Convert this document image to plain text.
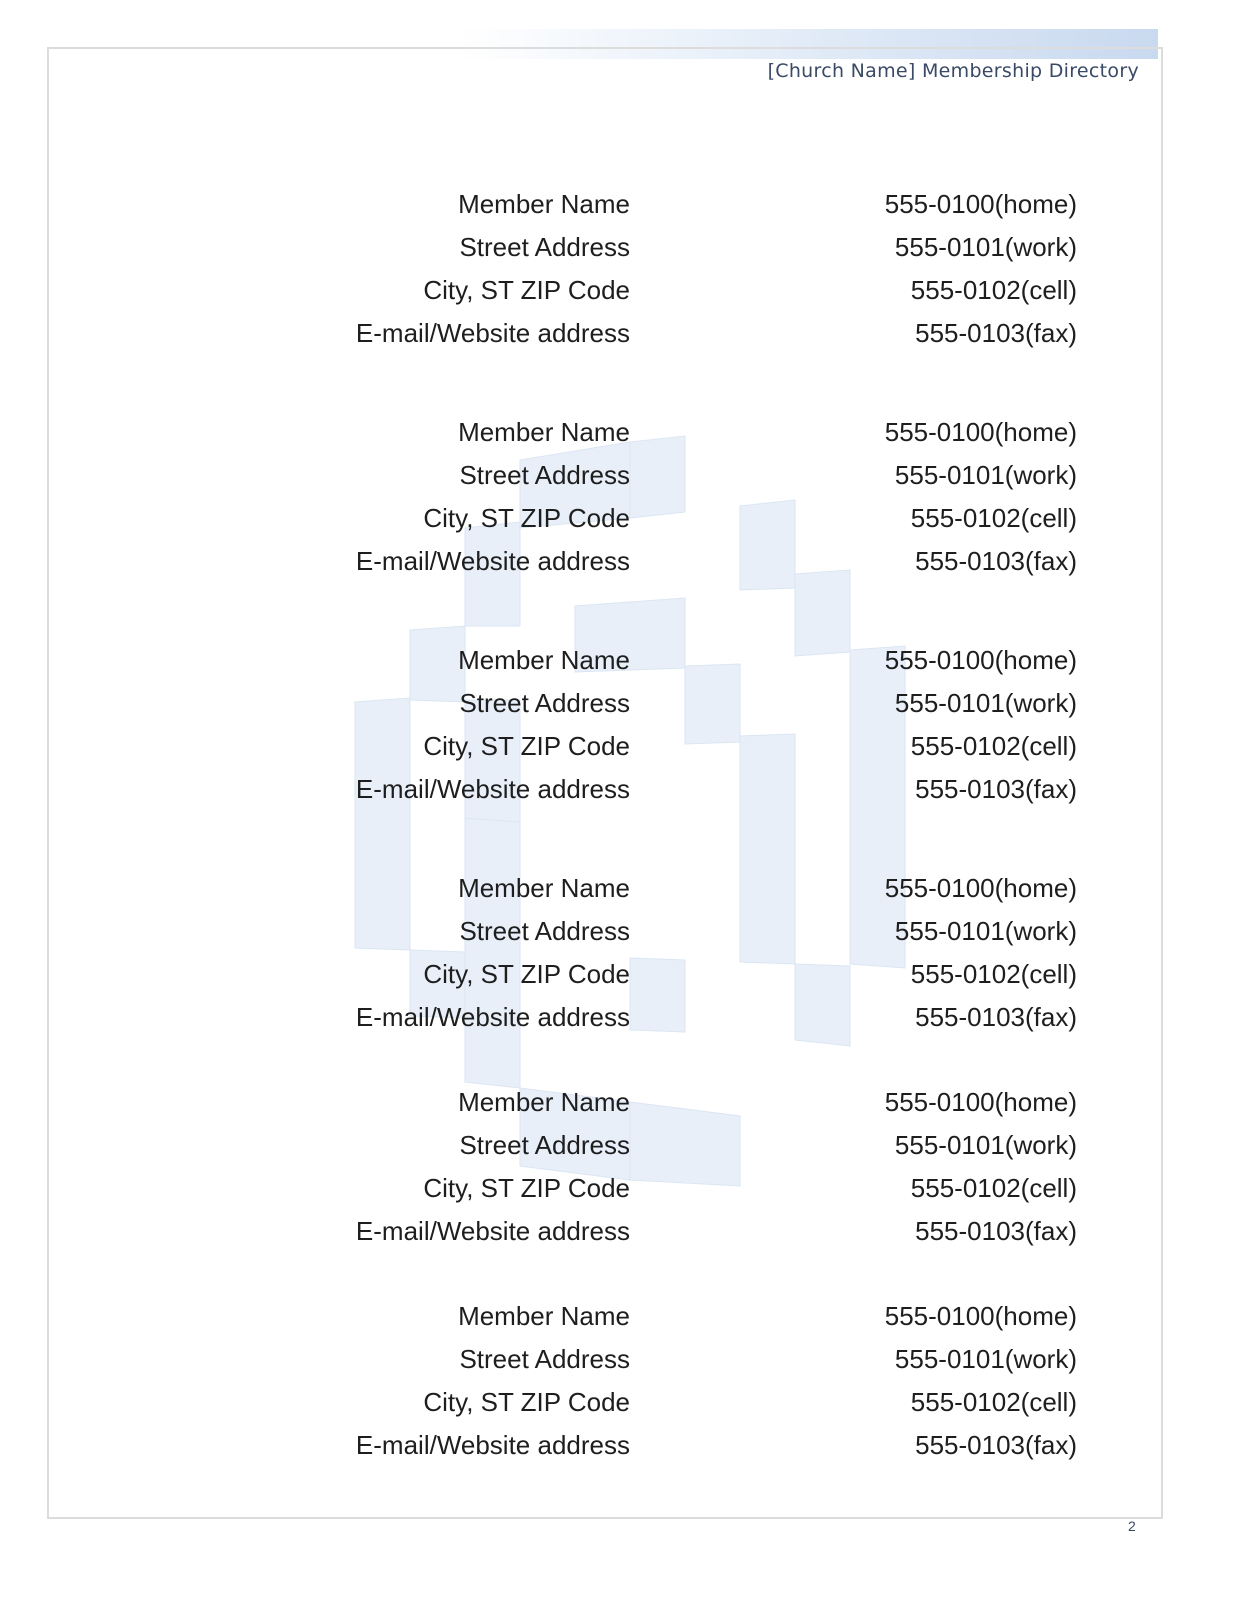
[Church Name] Membership Directory
Member Name
Street Address
City, ST ZIP Code
E-mail/Website address
555-0100(home)
555-0101(work)
555-0102(cell)
555-0103(fax)
Member Name
Street Address
City, ST ZIP Code
E-mail/Website address
555-0100(home)
555-0101(work)
555-0102(cell)
555-0103(fax)
Member Name
Street Address
City, ST ZIP Code
E-mail/Website address
555-0100(home)
555-0101(work)
555-0102(cell)
555-0103(fax)
Member Name
Street Address
City, ST ZIP Code
E-mail/Website address
555-0100(home)
555-0101(work)
555-0102(cell)
555-0103(fax)
Member Name
Street Address
City, ST ZIP Code
E-mail/Website address
555-0100(home)
555-0101(work)
555-0102(cell)
555-0103(fax)
Member Name
Street Address
City, ST ZIP Code
E-mail/Website address
555-0100(home)
555-0101(work)
555-0102(cell)
555-0103(fax)
2
